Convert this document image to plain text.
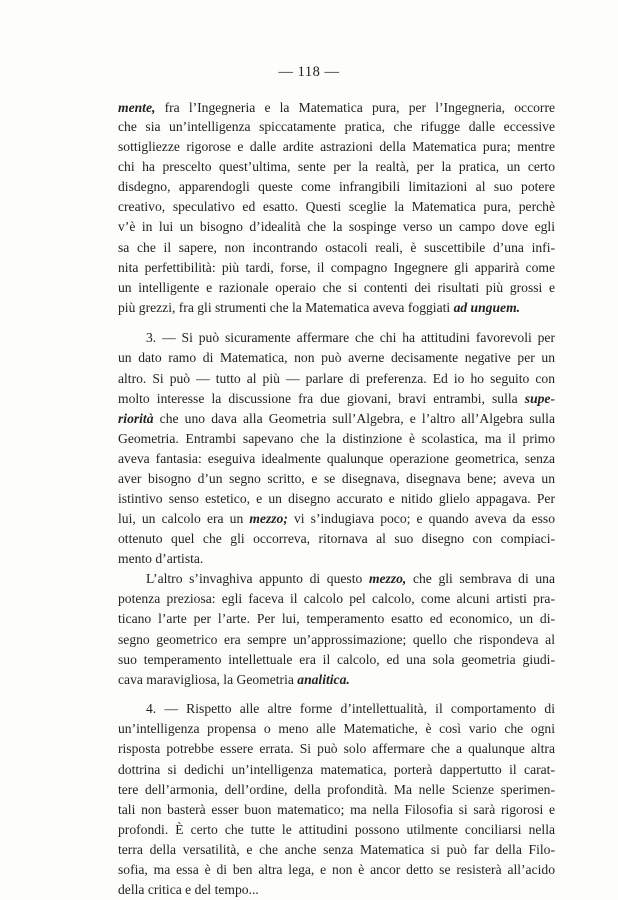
— 118 —
mente, fra l’Ingegneria e la Matematica pura, per l’Ingegneria, occorre
che sia un’intelligenza spiccatamente pratica, che rifugge dalle eccessive
sottigliezze rigorose e dalle ardite astrazioni della Matematica pura; mentre
chi ha prescelto quest’ultima, sente per la realtà, per la pratica, un certo
disdegno, apparendogli queste come infrangibili limitazioni al suo potere
creativo, speculativo ed esatto. Questi sceglie la Matematica pura, perchè
v’è in lui un bisogno d’idealità che la sospinge verso un campo dove egli
sa che il sapere, non incontrando ostacoli reali, è suscettibile d’una infi-
nita perfettibilità: più tardi, forse, il compagno Ingegnere gli apparirà come
un intelligente e razionale operaio che si contenti dei risultati più grossi e
più grezzi, fra gli strumenti che la Matematica aveva foggiati ad unguem.
3. — Si può sicuramente affermare che chi ha attitudini favorevoli per
un dato ramo di Matematica, non può averne decisamente negative per un
altro. Si può — tutto al più — parlare di preferenza. Ed io ho seguito con
molto interesse la discussione fra due giovani, bravi entrambi, sulla supe-
riorità che uno dava alla Geometria sull’Algebra, e l’altro all’Algebra sulla
Geometria. Entrambi sapevano che la distinzione è scolastica, ma il primo
aveva fantasia: eseguiva idealmente qualunque operazione geometrica, senza
aver bisogno d’un segno scritto, e se disegnava, disegnava bene; aveva un
istintivo senso estetico, e un disegno accurato e nitido glielo appagava. Per
lui, un calcolo era un mezzo; vi s’indugiava poco; e quando aveva da esso
ottenuto quel che gli occorreva, ritornava al suo disegno con compiaci-
mento d’artista.
L’altro s’invaghiva appunto di questo mezzo, che gli sembrava di una
potenza preziosa: egli faceva il calcolo pel calcolo, come alcuni artisti pra-
ticano l’arte per l’arte. Per lui, temperamento esatto ed economico, un di-
segno geometrico era sempre un’approssimazione; quello che rispondeva al
suo temperamento intellettuale era il calcolo, ed una sola geometria giudi-
cava maravigliosa, la Geometria analitica.
4. — Rispetto alle altre forme d’intellettualità, il comportamento di
un’intelligenza propensa o meno alle Matematiche, è così vario che ogni
risposta potrebbe essere errata. Si può solo affermare che a qualunque altra
dottrina si dedichi un’intelligenza matematica, porterà dappertutto il carat-
tere dell’armonia, dell’ordine, della profondità. Ma nelle Scienze sperimen-
tali non basterà esser buon matematico; ma nella Filosofia si sarà rigorosi e
profondi. È certo che tutte le attitudini possono utilmente conciliarsi nella
terra della versatilità, e che anche senza Matematica si può far della Filo-
sofia, ma essa è di ben altra lega, e non è ancor detto se resisterà all’acido
della critica e del tempo...
